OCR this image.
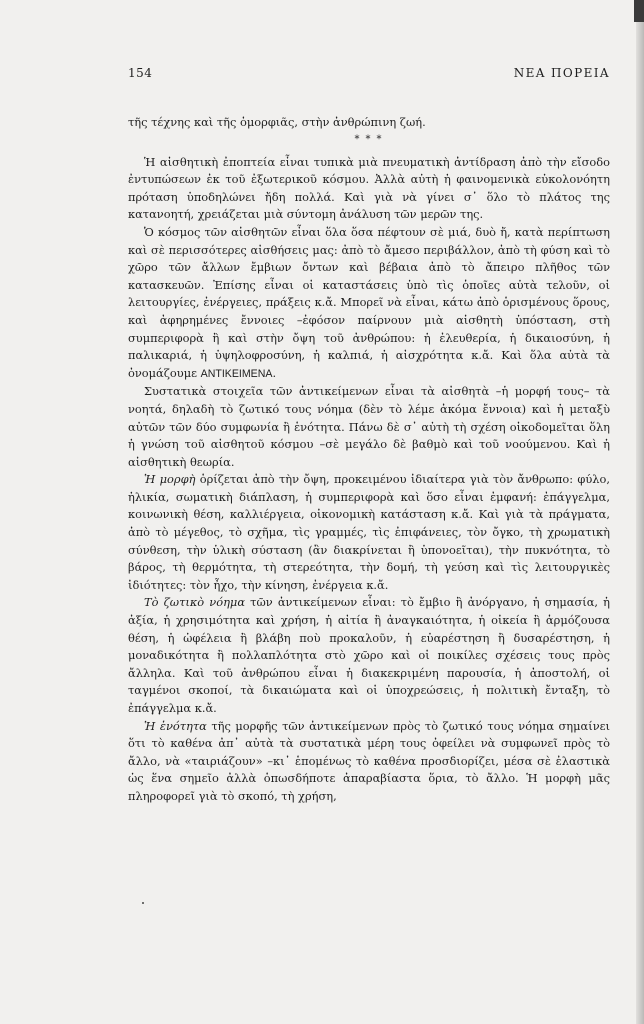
154	ΝΕΑ ΠΟΡΕΙΑ

τῆς τέχνης καὶ τῆς ὁμορφιᾶς, στὴν ἀνθρώπινη ζωή.

* * *

Ἡ αἰσθητικὴ ἐποπτεία εἶναι τυπικὰ μιὰ πνευματικὴ ἀντίδραση ἀπὸ τὴν εἴσοδο ἐντυπώσεων ἐκ τοῦ ἐξωτερικοῦ κόσμου. Ἀλλὰ αὐτὴ ἡ φαινομενικὰ εὐκολονόητη πρόταση ὑποδηλώνει ἤδη πολλά. Καὶ γιὰ νὰ γίνει σ᾽ ὅλο τὸ πλάτος της κατανοητή, χρειάζεται μιὰ σύντομη ἀνάλυση τῶν μερῶν της.

Ὁ κόσμος τῶν αἰσθητῶν εἶναι ὅλα ὅσα πέφτουν σὲ μιά, δυὸ ἤ, κατὰ περίπτωση καὶ σὲ περισσότερες αἰσθήσεις μας: ἀπὸ τὸ ἄμεσο περιβάλλον, ἀπὸ τὴ φύση καὶ τὸ χῶρο τῶν ἄλλων ἔμβιων ὄντων καὶ βέβαια ἀπὸ τὸ ἄπειρο πλῆθος τῶν κατασκευῶν. Ἐπίσης εἶναι οἱ καταστάσεις ὑπὸ τὶς ὁποῖες αὐτὰ τελοῦν, οἱ λειτουργίες, ἐνέργειες, πράξεις κ.ἄ. Μπορεῖ νὰ εἶναι, κάτω ἀπὸ ὁρισμένους ὅρους, καὶ ἀφηρημένες ἔννοιες –ἐφόσον παίρνουν μιὰ αἰσθητὴ ὑπόσταση, στὴ συμπεριφορὰ ἢ καὶ στὴν ὄψη τοῦ ἀνθρώπου: ἡ ἐλευθερία, ἡ δικαιοσύνη, ἡ παλικαριά, ἡ ὑψηλοφροσύνη, ἡ καλπιά, ἡ αἰσχρότητα κ.ἄ. Καὶ ὅλα αὐτὰ τὰ ὀνομάζουμε ΑΝΤΙΚΕΙΜΕΝΑ.

Συστατικὰ στοιχεῖα τῶν ἀντικείμενων εἶναι τὰ αἰσθητὰ –ἡ μορφή τους– τὰ νοητά, δηλαδὴ τὸ ζωτικό τους νόημα (δὲν τὸ λέμε ἀκόμα ἔννοια) καὶ ἡ μεταξὺ αὐτῶν τῶν δύο συμφωνία ἢ ἑνότητα. Πάνω δὲ σ᾽ αὐτὴ τὴ σχέση οἰκοδομεῖται ὅλη ἡ γνώση τοῦ αἰσθητοῦ κόσμου –σὲ μεγάλο δὲ βαθμὸ καὶ τοῦ νοούμενου. Καὶ ἡ αἰσθητικὴ θεωρία.

Ἡ μορφὴ ὁρίζεται ἀπὸ τὴν ὄψη, προκειμένου ἰδιαίτερα γιὰ τὸν ἄνθρωπο: φύλο, ἡλικία, σωματικὴ διάπλαση, ἡ συμπεριφορὰ καὶ ὅσο εἶναι ἐμφανή: ἐπάγγελμα, κοινωνικὴ θέση, καλλιέργεια, οἰκονομικὴ κατάσταση κ.ἄ. Καὶ γιὰ τὰ πράγματα, ἀπὸ τὸ μέγεθος, τὸ σχῆμα, τὶς γραμμές, τὶς ἐπιφάνειες, τὸν ὄγκο, τὴ χρωματικὴ σύνθεση, τὴν ὑλικὴ σύσταση (ἂν διακρίνεται ἢ ὑπονοεῖται), τὴν πυκνότητα, τὸ βάρος, τὴ θερμότητα, τὴ στερεότητα, τὴν δομή, τὴ γεύση καὶ τὶς λειτουργικὲς ἰδιότητες: τὸν ἦχο, τὴν κίνηση, ἐνέργεια κ.ἄ.

Τὸ ζωτικὸ νόημα τῶν ἀντικείμενων εἶναι: τὸ ἔμβιο ἢ ἀνόργανο, ἡ σημασία, ἡ ἀξία, ἡ χρησιμότητα καὶ χρήση, ἡ αἰτία ἢ ἀναγκαιότητα, ἡ οἰκεία ἢ ἁρμόζουσα θέση, ἡ ὠφέλεια ἢ βλάβη ποὺ προκαλοῦν, ἡ εὐαρέστηση ἢ δυσαρέστηση, ἡ μοναδικότητα ἢ πολλαπλότητα στὸ χῶρο καὶ οἱ ποικίλες σχέσεις τους πρὸς ἄλληλα. Καὶ τοῦ ἀνθρώπου εἶναι ἡ διακεκριμένη παρουσία, ἡ ἀποστολή, οἱ ταγμένοι σκοποί, τὰ δικαιώματα καὶ οἱ ὑποχρεώσεις, ἡ πολιτικὴ ἔνταξη, τὸ ἐπάγγελμα κ.ἄ.

Ἡ ἑνότητα τῆς μορφῆς τῶν ἀντικείμενων πρὸς τὸ ζωτικό τους νόημα σημαίνει ὅτι τὸ καθένα ἀπ᾽ αὐτὰ τὰ συστατικὰ μέρη τους ὀφείλει νὰ συμφωνεῖ πρὸς τὸ ἄλλο, νὰ «ταιριάζουν» –κι᾽ ἑπομένως τὸ καθένα προσδιορίζει, μέσα σὲ ἐλαστικὰ ὡς ἕνα σημεῖο ἀλλὰ ὁπωσδήποτε ἀπαραβίαστα ὅρια, τὸ ἄλλο. Ἡ μορφὴ μᾶς πληροφορεῖ γιὰ τὸ σκοπό, τὴ χρήση,
